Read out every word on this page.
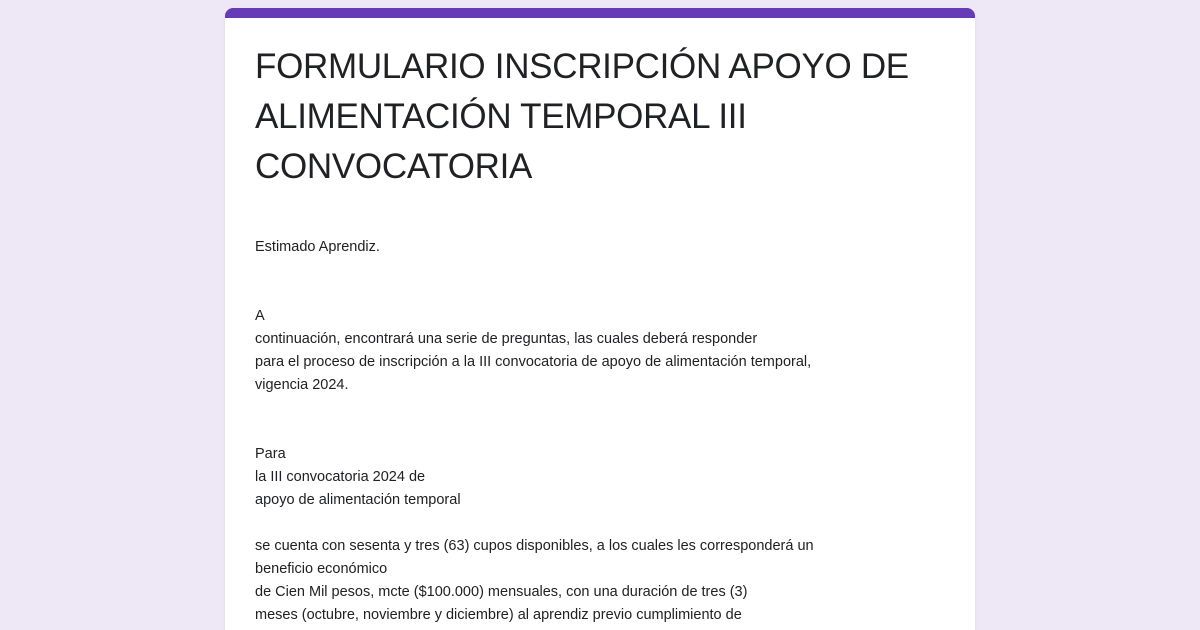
FORMULARIO INSCRIPCIÓN APOYO DE
ALIMENTACIÓN TEMPORAL III
CONVOCATORIA
Estimado Aprendiz.
A
continuación, encontrará una serie de preguntas, las cuales deberá responder
para el proceso de inscripción a la III convocatoria de apoyo de alimentación temporal,
vigencia 2024.
Para
la III convocatoria 2024 de
apoyo de alimentación temporal
se cuenta con sesenta y tres (63) cupos disponibles, a los cuales les corresponderá un
beneficio económico
de Cien Mil pesos, mcte ($100.000) mensuales, con una duración de tres (3)
meses (octubre, noviembre y diciembre) al aprendiz previo cumplimiento de
